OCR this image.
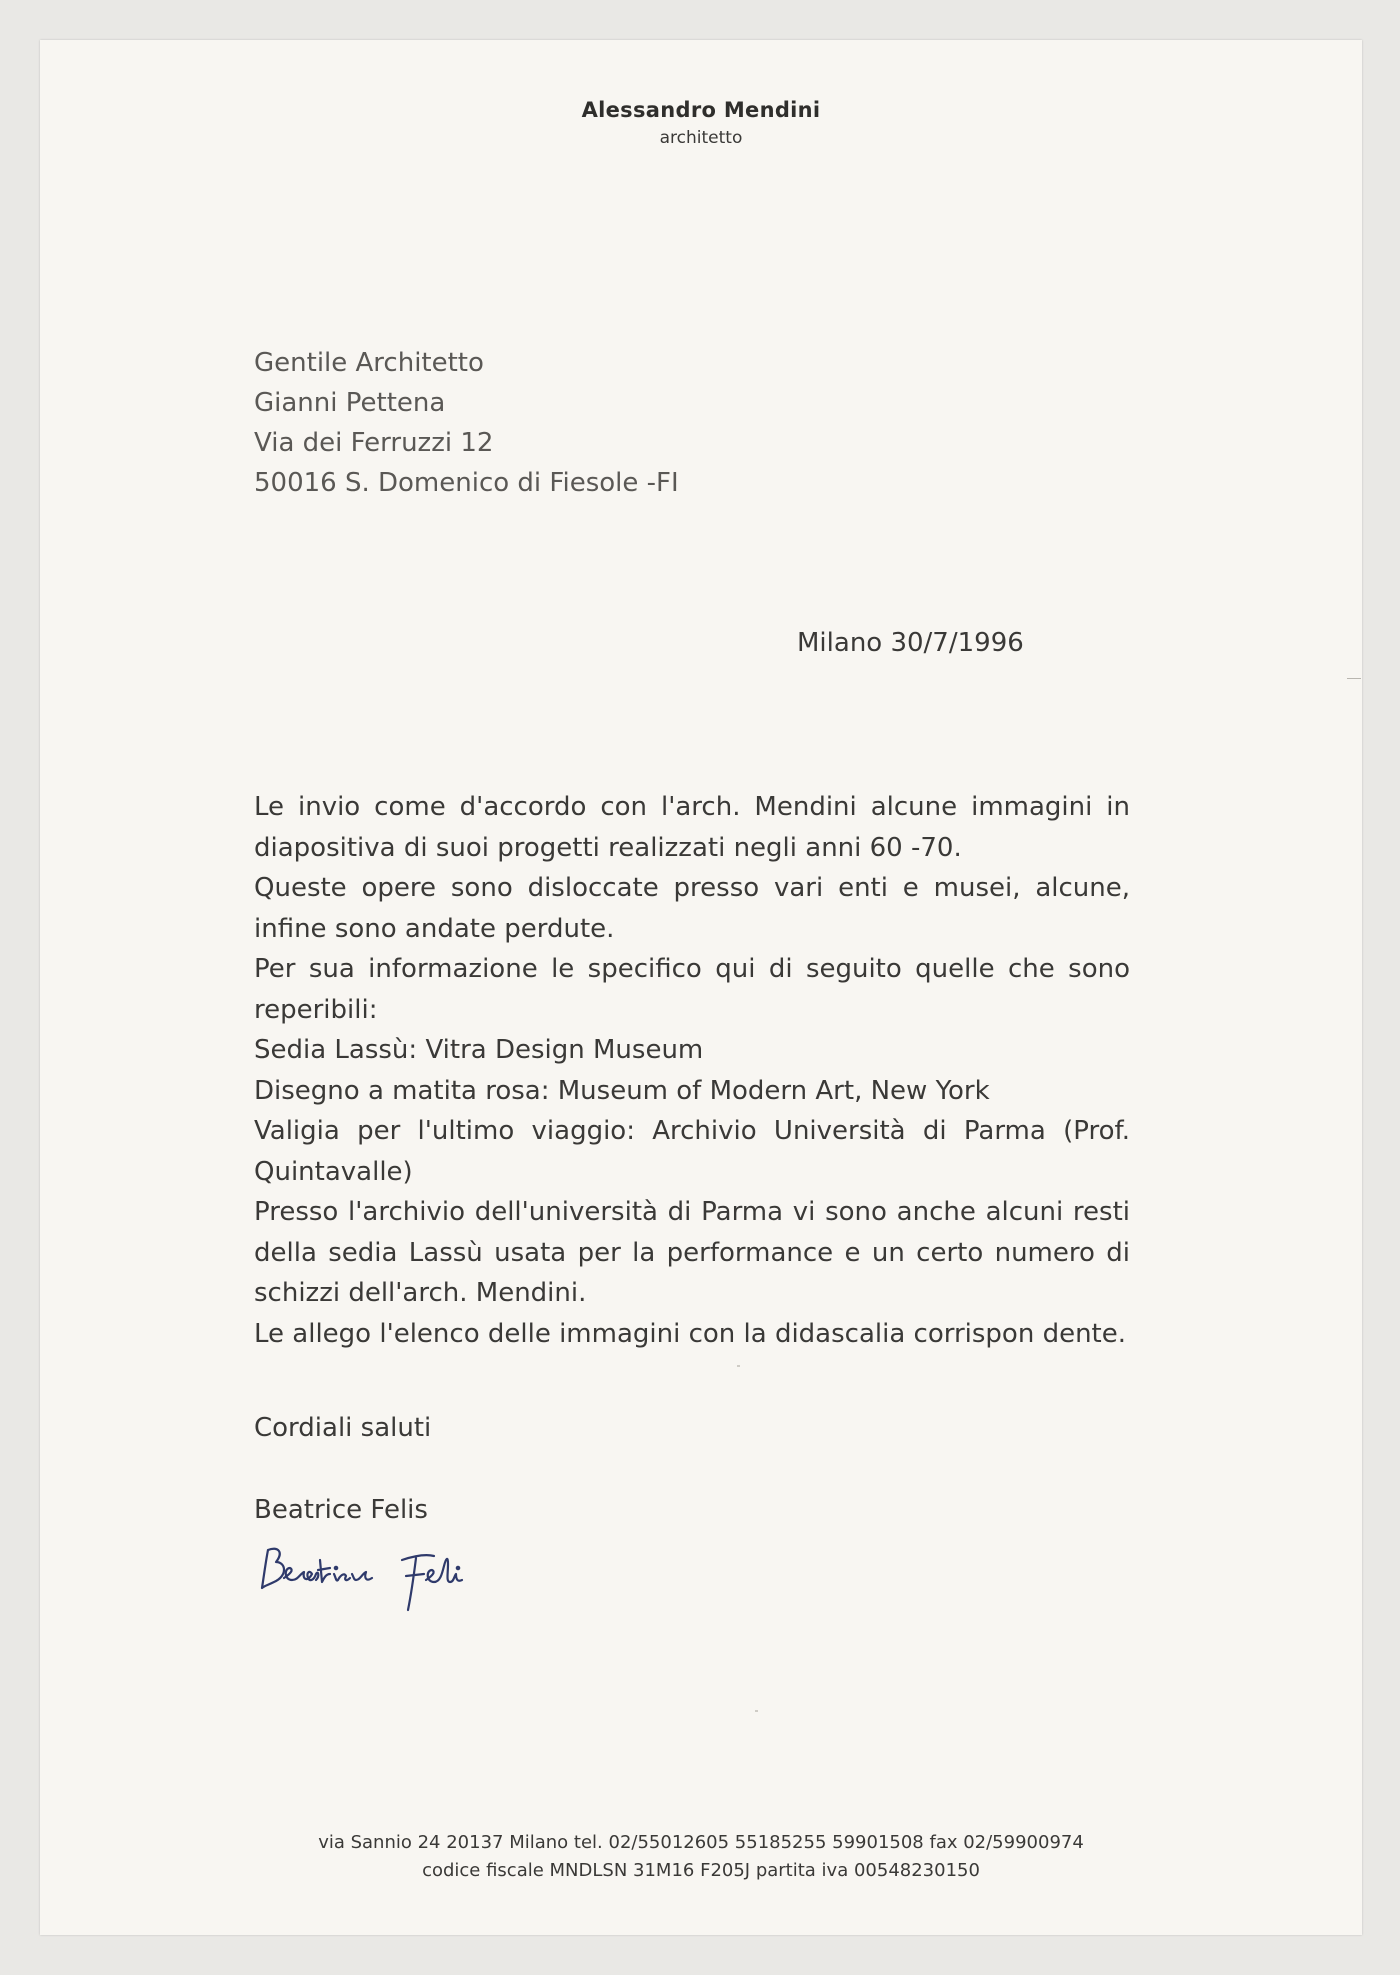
Alessandro Mendini
architetto
Gentile Architetto
Gianni Pettena
Via dei Ferruzzi 12
50016 S. Domenico di Fiesole -FI
Milano 30/7/1996

Le invio come d'accordo con l'arch. Mendini alcune immagini in diapositiva di suoi progetti realizzati negli anni 60 -70.

Queste opere sono disloccate presso vari enti e musei, alcune, infine sono andate perdute.

Per sua informazione le specifico qui di seguito quelle che sono reperibili:

Sedia Lassù: Vitra Design Museum

Disegno a matita rosa: Museum of Modern Art, New York

Valigia per l'ultimo viaggio: Archivio Università di Parma (Prof. Quintavalle)

Presso l'archivio dell'università di Parma vi sono anche alcuni resti della sedia Lassù usata per la performance e un certo numero di schizzi dell'arch. Mendini.

Le allego l'elenco delle immagini con la didascalia corrispon dente.

Cordiali saluti
Beatrice Felis
via Sannio 24 20137 Milano tel. 02/55012605 55185255 59901508 fax 02/59900974
codice fiscale MNDLSN 31M16 F205J partita iva 00548230150
